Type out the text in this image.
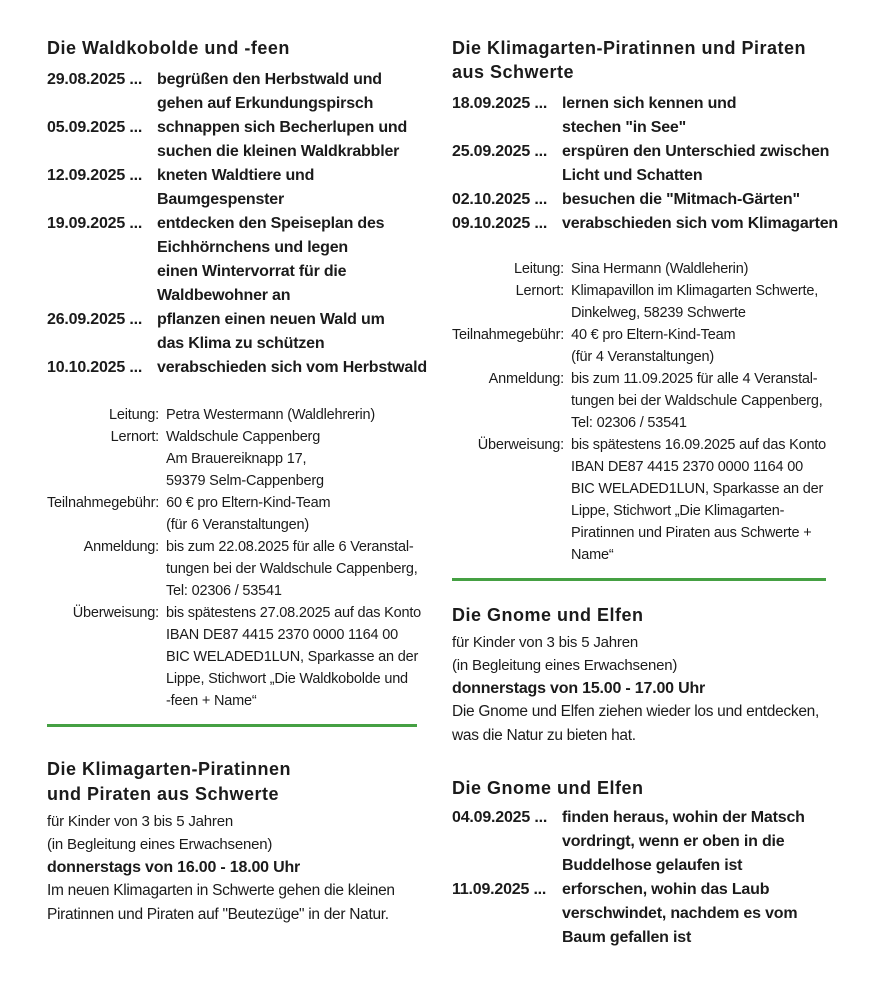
Die Waldkobolde und -feen
29.08.2025 ... begrüßen den Herbstwald und
gehen auf Erkundungspirsch
05.09.2025 ... schnappen sich Becherlupen und
suchen die kleinen Waldkrabbler
12.09.2025 ... kneten Waldtiere und
Baumgespenster
19.09.2025 ... entdecken den Speiseplan des
Eichhörnchens und legen
einen Wintervorrat für die
Waldbewohner an
26.09.2025 ... pflanzen einen neuen Wald um
das Klima zu schützen
10.10.2025 ... verabschieden sich vom Herbstwald
Leitung: Petra Westermann (Waldlehrerin)
Lernort: Waldschule Cappenberg
Am Brauereiknapp 17,
59379 Selm-Cappenberg
Teilnahmegebühr: 60 € pro Eltern-Kind-Team
(für 6 Veranstaltungen)
Anmeldung: bis zum 22.08.2025 für alle 6 Veranstal-
tungen bei der Waldschule Cappenberg,
Tel: 02306 / 53541
Überweisung: bis spätestens 27.08.2025 auf das Konto
IBAN DE87 4415 2370 0000 1164 00
BIC WELADED1LUN, Sparkasse an der
Lippe, Stichwort „Die Waldkobolde und
-feen + Name“
Die Klimagarten-Piratinnen
und Piraten aus Schwerte
für Kinder von 3 bis 5 Jahren
(in Begleitung eines Erwachsenen)
donnerstags von 16.00 - 18.00 Uhr
Im neuen Klimagarten in Schwerte gehen die kleinen
Piratinnen und Piraten auf "Beutezüge" in der Natur.
Die Klimagarten-Piratinnen und Piraten
aus Schwerte
18.09.2025 ... lernen sich kennen und
stechen "in See"
25.09.2025 ... erspüren den Unterschied zwischen
Licht und Schatten
02.10.2025 ... besuchen die "Mitmach-Gärten"
09.10.2025 ... verabschieden sich vom Klimagarten
Leitung: Sina Hermann (Waldleherin)
Lernort: Klimapavillon im Klimagarten Schwerte,
Dinkelweg, 58239 Schwerte
Teilnahmegebühr: 40 € pro Eltern-Kind-Team
(für 4 Veranstaltungen)
Anmeldung: bis zum 11.09.2025 für alle 4 Veranstal-
tungen bei der Waldschule Cappenberg,
Tel: 02306 / 53541
Überweisung: bis spätestens 16.09.2025 auf das Konto
IBAN DE87 4415 2370 0000 1164 00
BIC WELADED1LUN, Sparkasse an der
Lippe, Stichwort „Die Klimagarten-
Piratinnen und Piraten aus Schwerte +
Name“
Die Gnome und Elfen
für Kinder von 3 bis 5 Jahren
(in Begleitung eines Erwachsenen)
donnerstags von 15.00 - 17.00 Uhr
Die Gnome und Elfen ziehen wieder los und entdecken,
was die Natur zu bieten hat.
Die Gnome und Elfen
04.09.2025 ... finden heraus, wohin der Matsch
vordringt, wenn er oben in die
Buddelhose gelaufen ist
11.09.2025 ... erforschen, wohin das Laub
verschwindet, nachdem es vom
Baum gefallen ist
